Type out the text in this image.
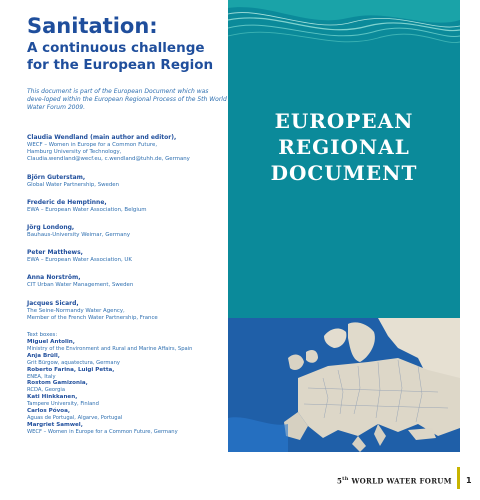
Sanitation:
A continuous challenge
for the European Region

This document is part of the European Document which was deve-loped within the European Regional Process of the 5th World Water Forum 2009.

Claudia Wendland (main author and editor),
WECF – Women in Europe for a Common Future,
Hamburg University of Technology,
Claudia.wendland@wecf.eu, c.wendland@tuhh.de, Germany
Björn Guterstam,
Global Water Partnership, Sweden
Frederic de Hemptinne,
EWA – European Water Association, Belgium
Jörg Londong,
Bauhaus-University Weimar, Germany
Peter Matthews,
EWA – European Water Association, UK
Anna Norström,
CIT Urban Water Management, Sweden
Jacques Sicard,
The Seine-Normandy Water Agency,
Member of the French Water Partnership, France
Text boxes:
Miguel Antolin,
Ministry of the Environment and Rural and Marine Affairs, Spain
Anja Brüll,
Grit Bürgow, aquatectura, Germany
Roberto Farina, Luigi Petta,
ENEA, Italy
Rostom Gamizonia,
RCDA, Georgia
Kati Hinkkanen,
Tampere University, Finland
Carlos Póvoa,
Aguas de Portugal, Algarve, Portugal
Margriet Samwel,
WECF – Women in Europe for a Common Future, Germany
EUROPEAN
REGIONAL
DOCUMENT
5th WORLD WATER FORUM 1
